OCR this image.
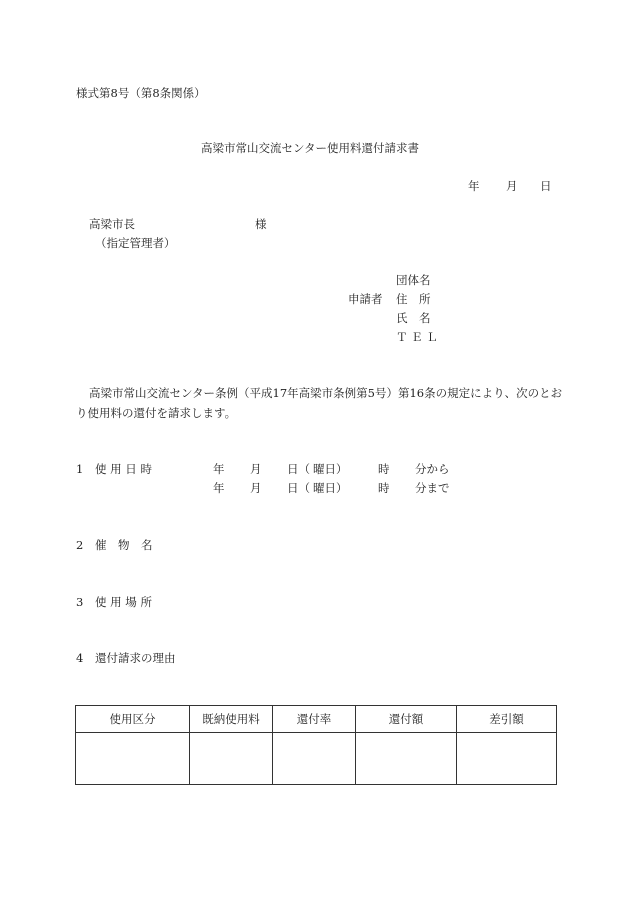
様式第8号（第8条関係）
高梁市常山交流センター使用料還付請求書
年 月 日
高梁市長	様
（指定管理者）
申請者
団体名
住　所
氏　名
Ｔ Ｅ Ｌ
高梁市常山交流センター条例（平成17年高梁市条例第5号）第16条の規定により、次のとお
り使用料の還付を請求します。
1 使 用 日 時	年 月 日（ 曜日）	時 分から
年 月 日（ 曜日）	時 分まで
2 催　物　名
3 使 用 場 所
4 還付請求の理由
使用区分	既納使用料	還付率	還付額	差引額
